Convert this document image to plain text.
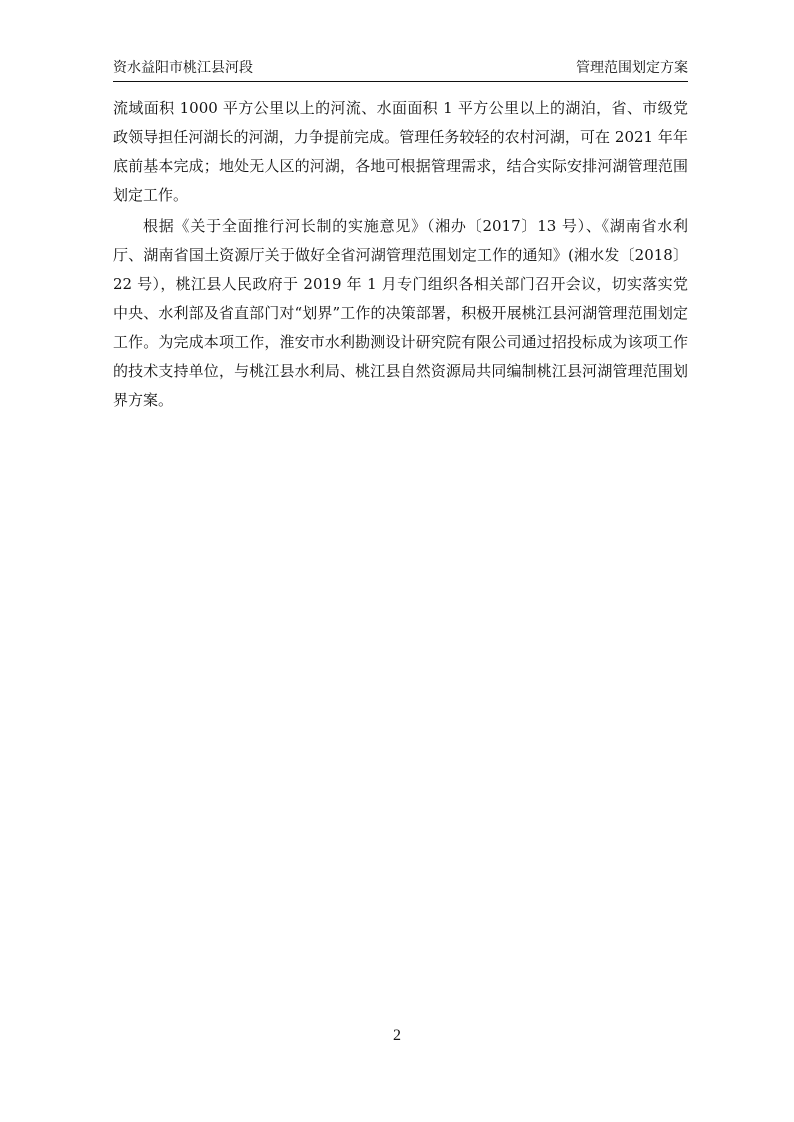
资水益阳市桃江县河段	管理范围划定方案

流域面积 1000 平方公里以上的河流、水面面积 1 平方公里以上的湖泊，省、市级党政领导担任河湖长的河湖，力争提前完成。管理任务较轻的农村河湖，可在 2021 年年底前基本完成；地处无人区的河湖，各地可根据管理需求，结合实际安排河湖管理范围划定工作。

根据《关于全面推行河长制的实施意见》（湘办〔2017〕13 号）、《湖南省水利厅、湖南省国土资源厅关于做好全省河湖管理范围划定工作的通知》(湘水发〔2018〕22 号），桃江县人民政府于 2019 年 1 月专门组织各相关部门召开会议，切实落实党中央、水利部及省直部门对“划界”工作的决策部署，积极开展桃江县河湖管理范围划定工作。为完成本项工作，淮安市水利勘测设计研究院有限公司通过招投标成为该项工作的技术支持单位，与桃江县水利局、桃江县自然资源局共同编制桃江县河湖管理范围划界方案。

2
